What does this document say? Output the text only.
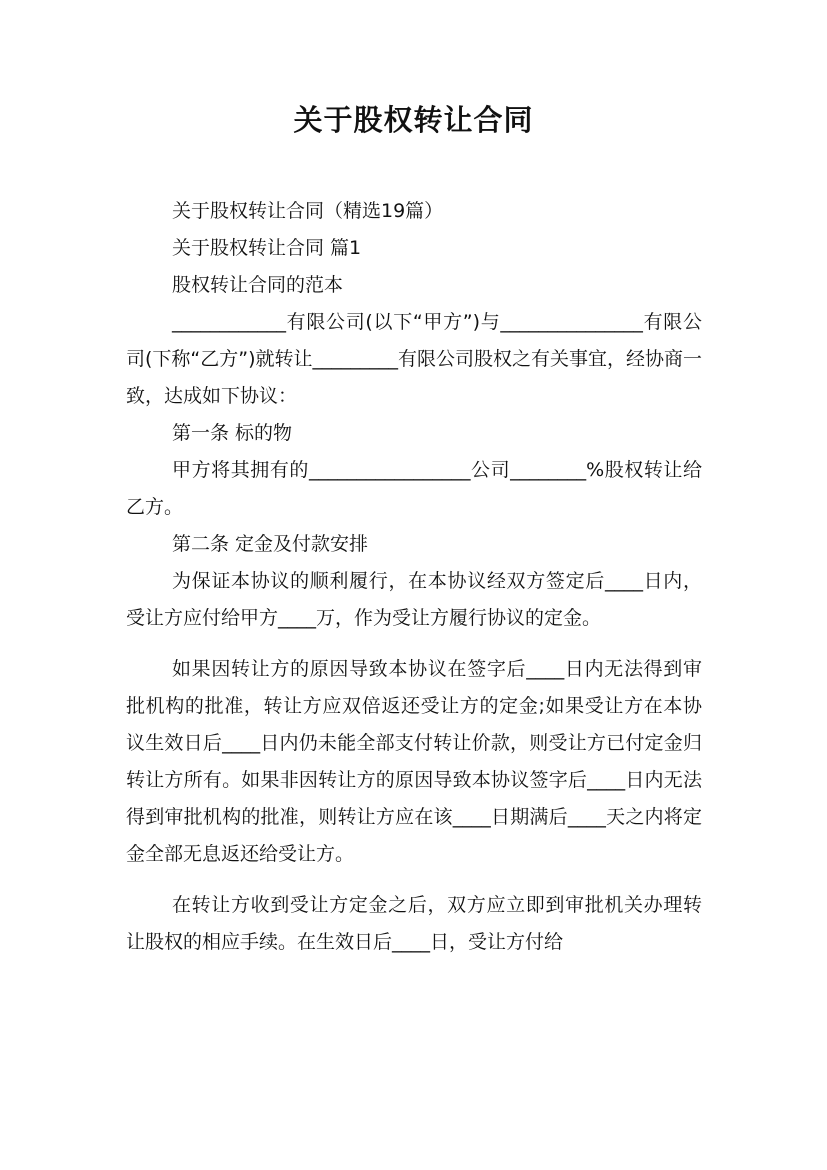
关于股权转让合同

关于股权转让合同（精选19篇）

关于股权转让合同 篇1

股权转让合同的范本

____________有限公司(以下“甲方”)与_______________有限公司(下称“乙方”)就转让_________有限公司股权之有关事宜，经协商一致，达成如下协议：

第一条 标的物

甲方将其拥有的_________________公司________%股权转让给乙方。

第二条 定金及付款安排

为保证本协议的顺利履行，在本协议经双方签定后____日内，受让方应付给甲方____万，作为受让方履行协议的定金。

如果因转让方的原因导致本协议在签字后____日内无法得到审批机构的批准，转让方应双倍返还受让方的定金;如果受让方在本协议生效日后____日内仍未能全部支付转让价款，则受让方已付定金归转让方所有。如果非因转让方的原因导致本协议签字后____日内无法得到审批机构的批准，则转让方应在该____日期满后____天之内将定金全部无息返还给受让方。

在转让方收到受让方定金之后，双方应立即到审批机关办理转让股权的相应手续。在生效日后____日，受让方付给
